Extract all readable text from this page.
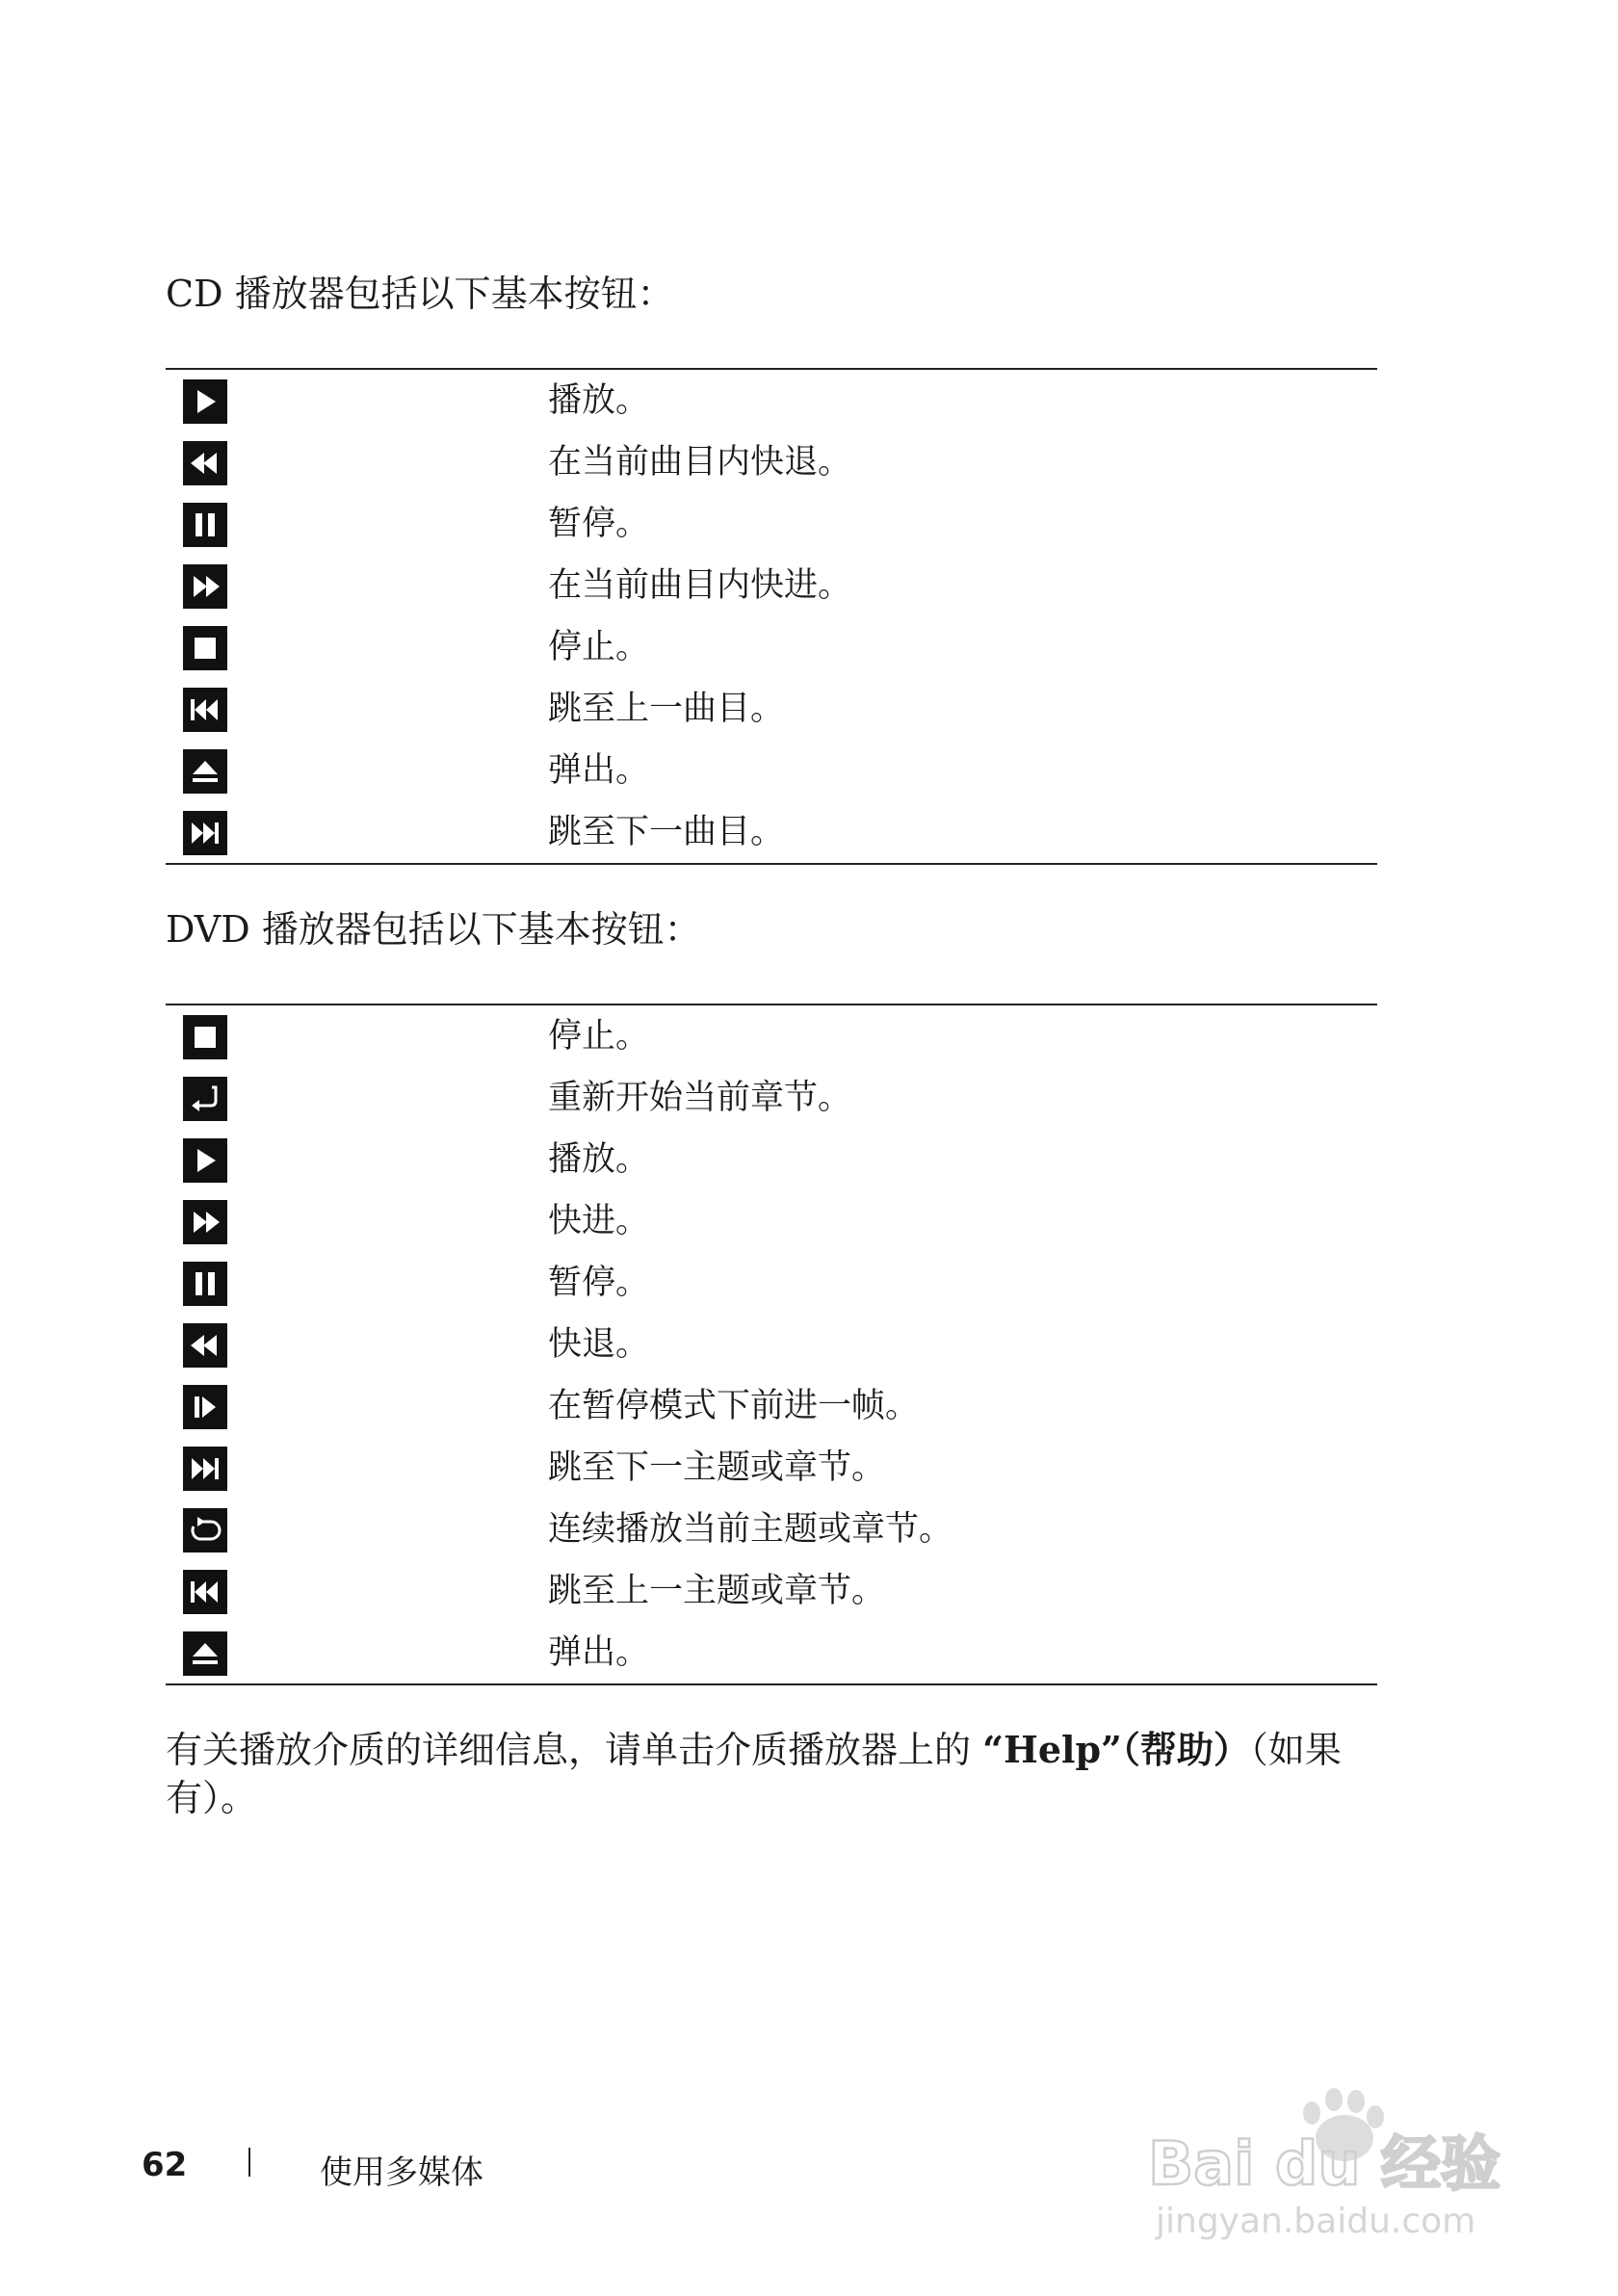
CD 播放器包括以下基本按钮：
播放。
在当前曲目内快退。
暂停。
在当前曲目内快进。
停止。
跳至上一曲目。
弹出。
跳至下一曲目。
DVD 播放器包括以下基本按钮：
停止。
重新开始当前章节。
播放。
快进。
暂停。
快退。
在暂停模式下前进一帧。
跳至下一主题或章节。
连续播放当前主题或章节。
跳至上一主题或章节。
弹出。
有关播放介质的详细信息，请单击介质播放器上的 “Help”（帮助）（如果有）。
62	使用多媒体	Bai du 经验
jingyan.baidu.com
